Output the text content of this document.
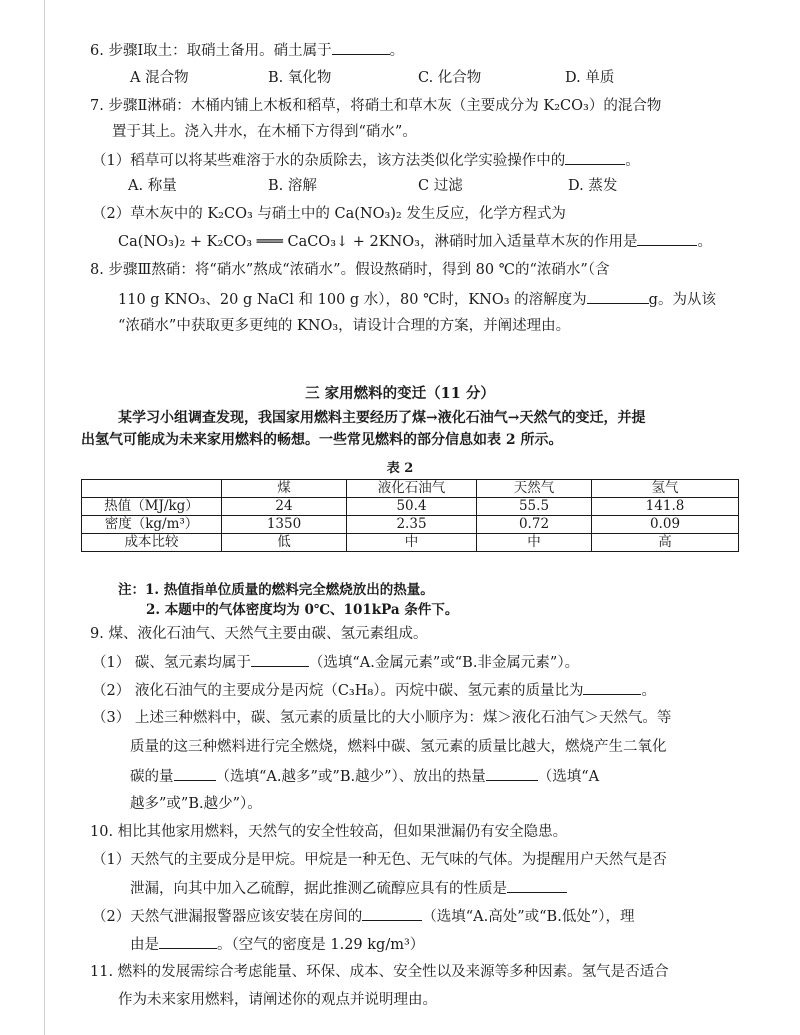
6. 步骤Ⅰ取土：取硝土备用。硝土属于	。
A 混合物	B. 氧化物	C. 化合物	D. 单质
7. 步骤Ⅱ淋硝：木桶内铺上木板和稻草，将硝土和草木灰（主要成分为 K₂CO₃）的混合物
置于其上。浇入井水，在木桶下方得到“硝水”。
（1）稻草可以将某些难溶于水的杂质除去，该方法类似化学实验操作中的	。
A. 称量	B. 溶解	C 过滤	D. 蒸发
（2）草木灰中的 K₂CO₃ 与硝土中的 Ca(NO₃)₂ 发生反应，化学方程式为
Ca(NO₃)₂ + K₂CO₃ ═══ CaCO₃↓ + 2KNO₃，淋硝时加入适量草木灰的作用是	。
8. 步骤Ⅲ熬硝：将“硝水”熬成“浓硝水”。假设熬硝时，得到 80 ℃的“浓硝水”（含
110 g KNO₃、20 g NaCl 和 100 g 水），80 ℃时，KNO₃ 的溶解度为	g。为从该
“浓硝水”中获取更多更纯的 KNO₃，请设计合理的方案，并阐述理由。
三 家用燃料的变迁（11 分）
某学习小组调查发现，我国家用燃料主要经历了煤→液化石油气→天然气的变迁，并提
出氢气可能成为未来家用燃料的畅想。一些常见燃料的部分信息如表 2 所示。
表 2
	煤	液化石油气	天然气	氢气
热值（MJ/kg）	24	50.4	55.5	141.8
密度（kg/m³）	1350	2.35	0.72	0.09
成本比较	低	中	中	高
注：1. 热值指单位质量的燃料完全燃烧放出的热量。
2. 本题中的气体密度均为 0℃、101kPa 条件下。
9. 煤、液化石油气、天然气主要由碳、氢元素组成。
（1） 碳、氢元素均属于	（选填“A.金属元素”或“B.非金属元素”）。
（2） 液化石油气的主要成分是丙烷（C₃H₈）。丙烷中碳、氢元素的质量比为	。
（3） 上述三种燃料中，碳、氢元素的质量比的大小顺序为：煤＞液化石油气＞天然气。等
质量的这三种燃料进行完全燃烧，燃料中碳、氢元素的质量比越大，燃烧产生二氧化
碳的量	（选填“A.越多”或”B.越少”）、放出的热量	（选填“A
越多”或”B.越少”）。
10. 相比其他家用燃料，天然气的安全性较高，但如果泄漏仍有安全隐患。
（1）天然气的主要成分是甲烷。甲烷是一种无色、无气味的气体。为提醒用户天然气是否
泄漏，向其中加入乙硫醇，据此推测乙硫醇应具有的性质是
（2）天然气泄漏报警器应该安装在房间的	（选填“A.高处”或“B.低处”），理
由是	。（空气的密度是 1.29 kg/m³）
11. 燃料的发展需综合考虑能量、环保、成本、安全性以及来源等多种因素。氢气是否适合
作为未来家用燃料，请阐述你的观点并说明理由。
